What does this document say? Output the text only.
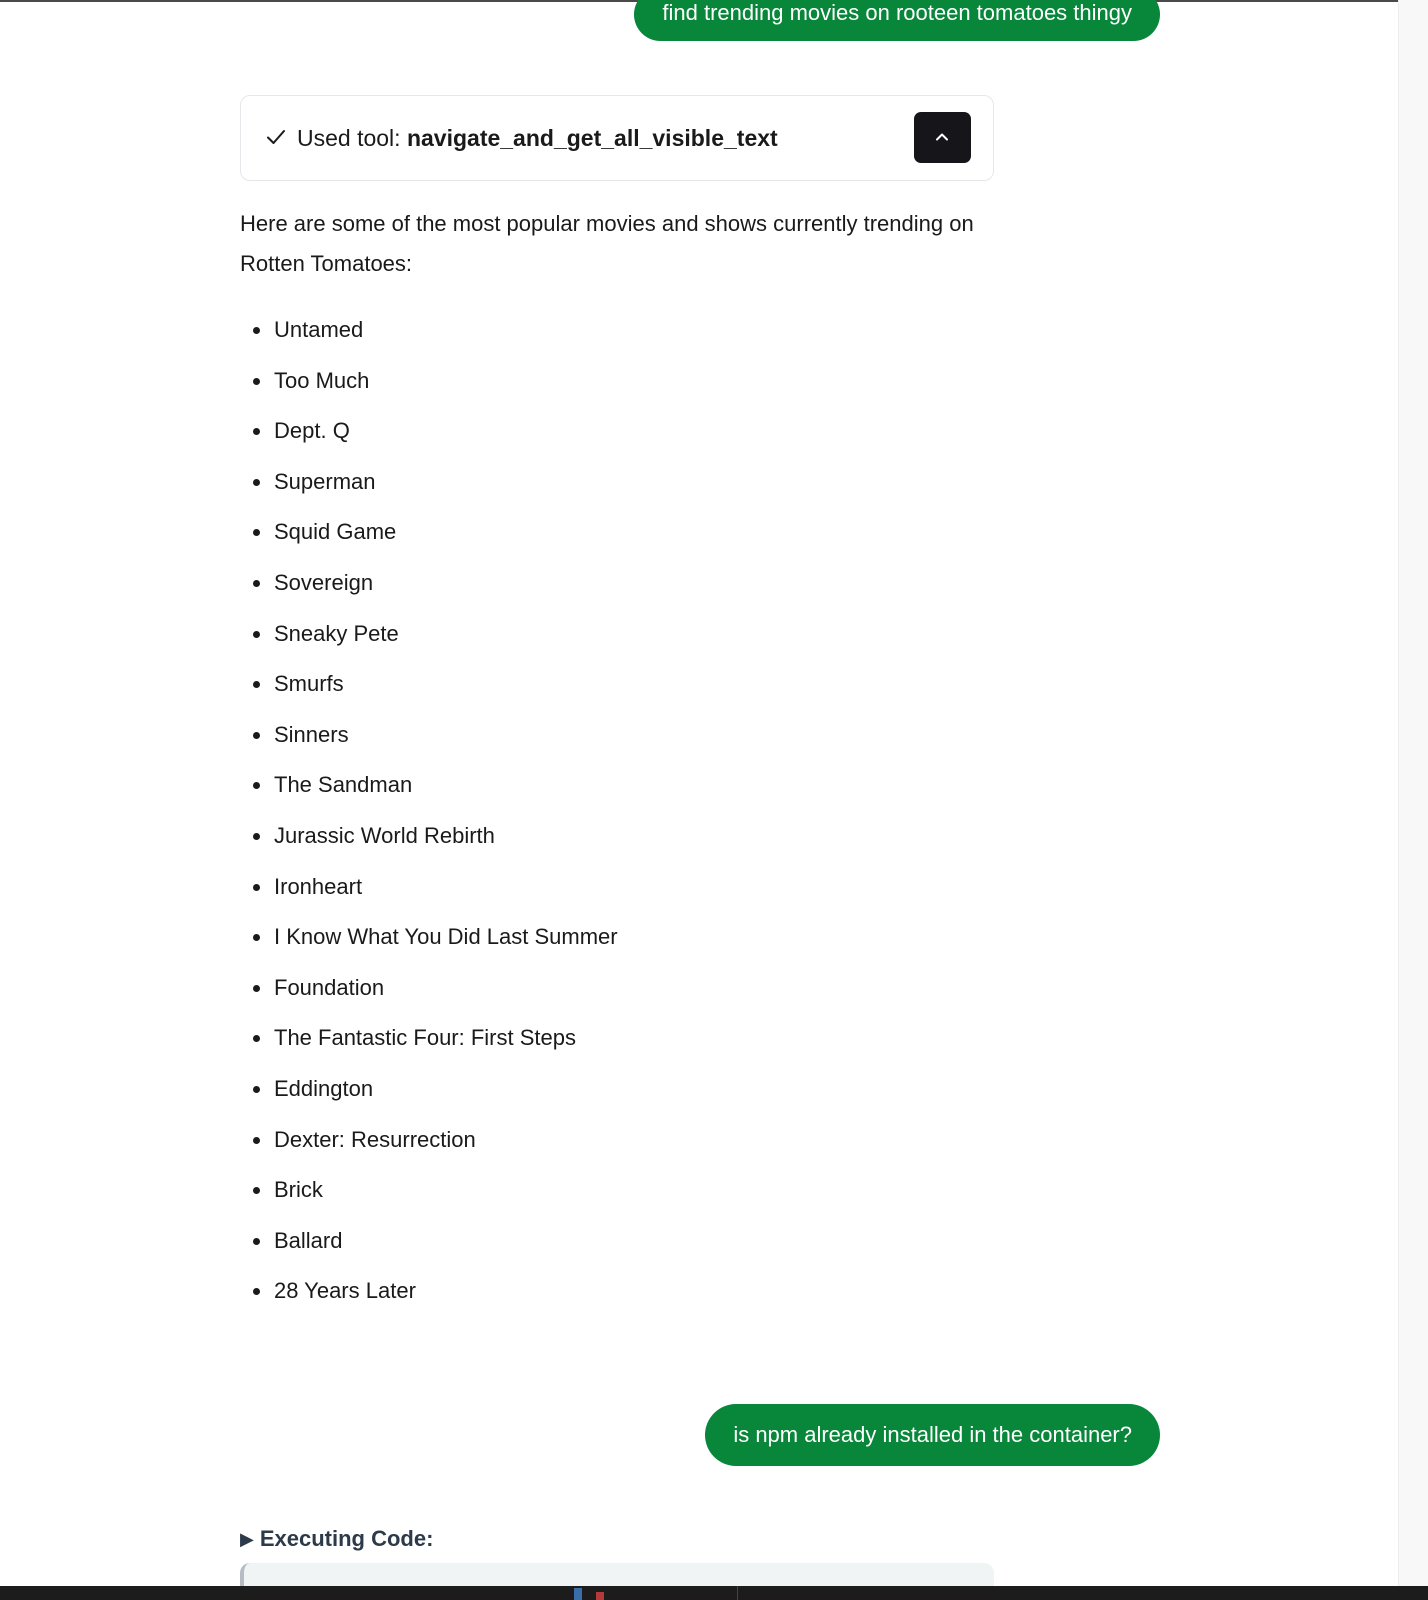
find trending movies on rooteen tomatoes thingy
Used tool: navigate_and_get_all_visible_text
Here are some of the most popular movies and shows currently trending on Rotten Tomatoes:
Untamed
Too Much
Dept. Q
Superman
Squid Game
Sovereign
Sneaky Pete
Smurfs
Sinners
The Sandman
Jurassic World Rebirth
Ironheart
I Know What You Did Last Summer
Foundation
The Fantastic Four: First Steps
Eddington
Dexter: Resurrection
Brick
Ballard
28 Years Later
is npm already installed in the container?
▶ Executing Code:
